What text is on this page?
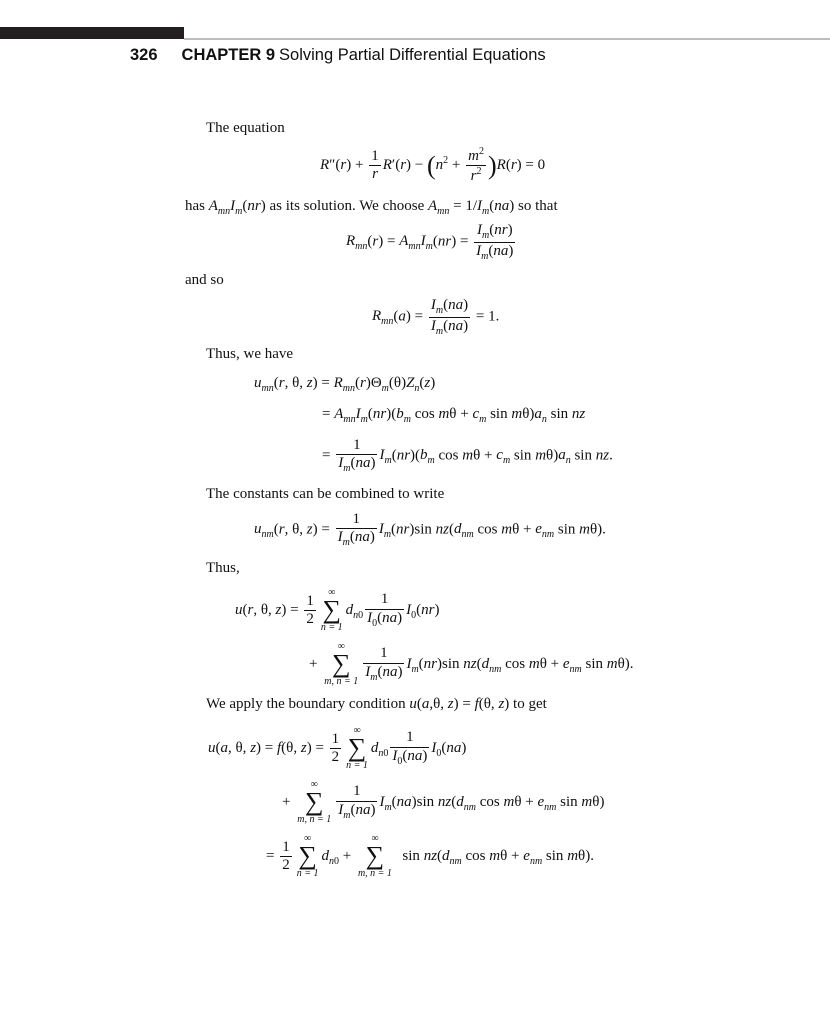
326 CHAPTER 9 Solving Partial Differential Equations
The equation
$R''(r) + \frac{1}{r} R'(r) - (n^2 + \frac{m^2}{r^2} )R(r) = 0$
has $A_{mn}I_m(nr)$ as its solution. We choose $A_{mn} = 1/I_m(na)$ so that
$R_{mn}(r) = A_{mn}I_m(nr) = \frac{I_m(nr)}{I_m(na)}$
and so
$R_{mn}(a) = \frac{I_m(na)}{I_m(na)} = 1$.
Thus, we have
$u_{mn}(r$, θ, $z) = R_{mn}(r)\Theta_m(\theta)Z_n(z)$
= $A_{mn}I_m(nr)(b_m$ $\cos m\theta + c_m$ $\sin m\theta)a_n$ sin nz
= $\frac{1}{I_m(na)} I_m(nr)(b_m$ $\cos m\theta + c_m$ $\sin m\theta)a_n$ sin nz.
The constants can be combined to write
$u_{nm}(r$, θ, $z) = \frac{1}{I_m(na)} I_m(nr)\sin$ $nz(d_{nm}$ $\cos m\theta + e_{nm}$ sin mθ).
Thus,
u(r, θ, $z) = \frac{1}{2}$
∞
∑
n = 1
$d_{n0} \frac{1}{I_0(na)} I_0(nr)$
+
∞
∑
m, $n = 1 \frac{1}{I_m(na)} I_m(nr)\sin$ $nz(d_{nm}$ $\cos m\theta + e_{nm}$ sin mθ).
We apply the boundary condition u(a,θ, z) = f(θ, z) to get
u(a, θ, z) = f(θ, $z) = \frac{1}{2}$
∞
∑
n = 1
$d_{n0} \frac{1}{I_0(na)} I_0(na)$
+
∞
∑
m, $n = 1 \frac{1}{I_m(na)} I_m(na)\sin$ $nz(d_{nm}$ $\cos m\theta + e_{nm}$ sin mθ)
= $\frac{1}{2}$
∞
∑
n = 1
$d_{n0}$ +
∞
∑
m, n = 1
$\sin nz(d_{nm}$ $\cos m\theta + e_{nm}$ sin mθ).
